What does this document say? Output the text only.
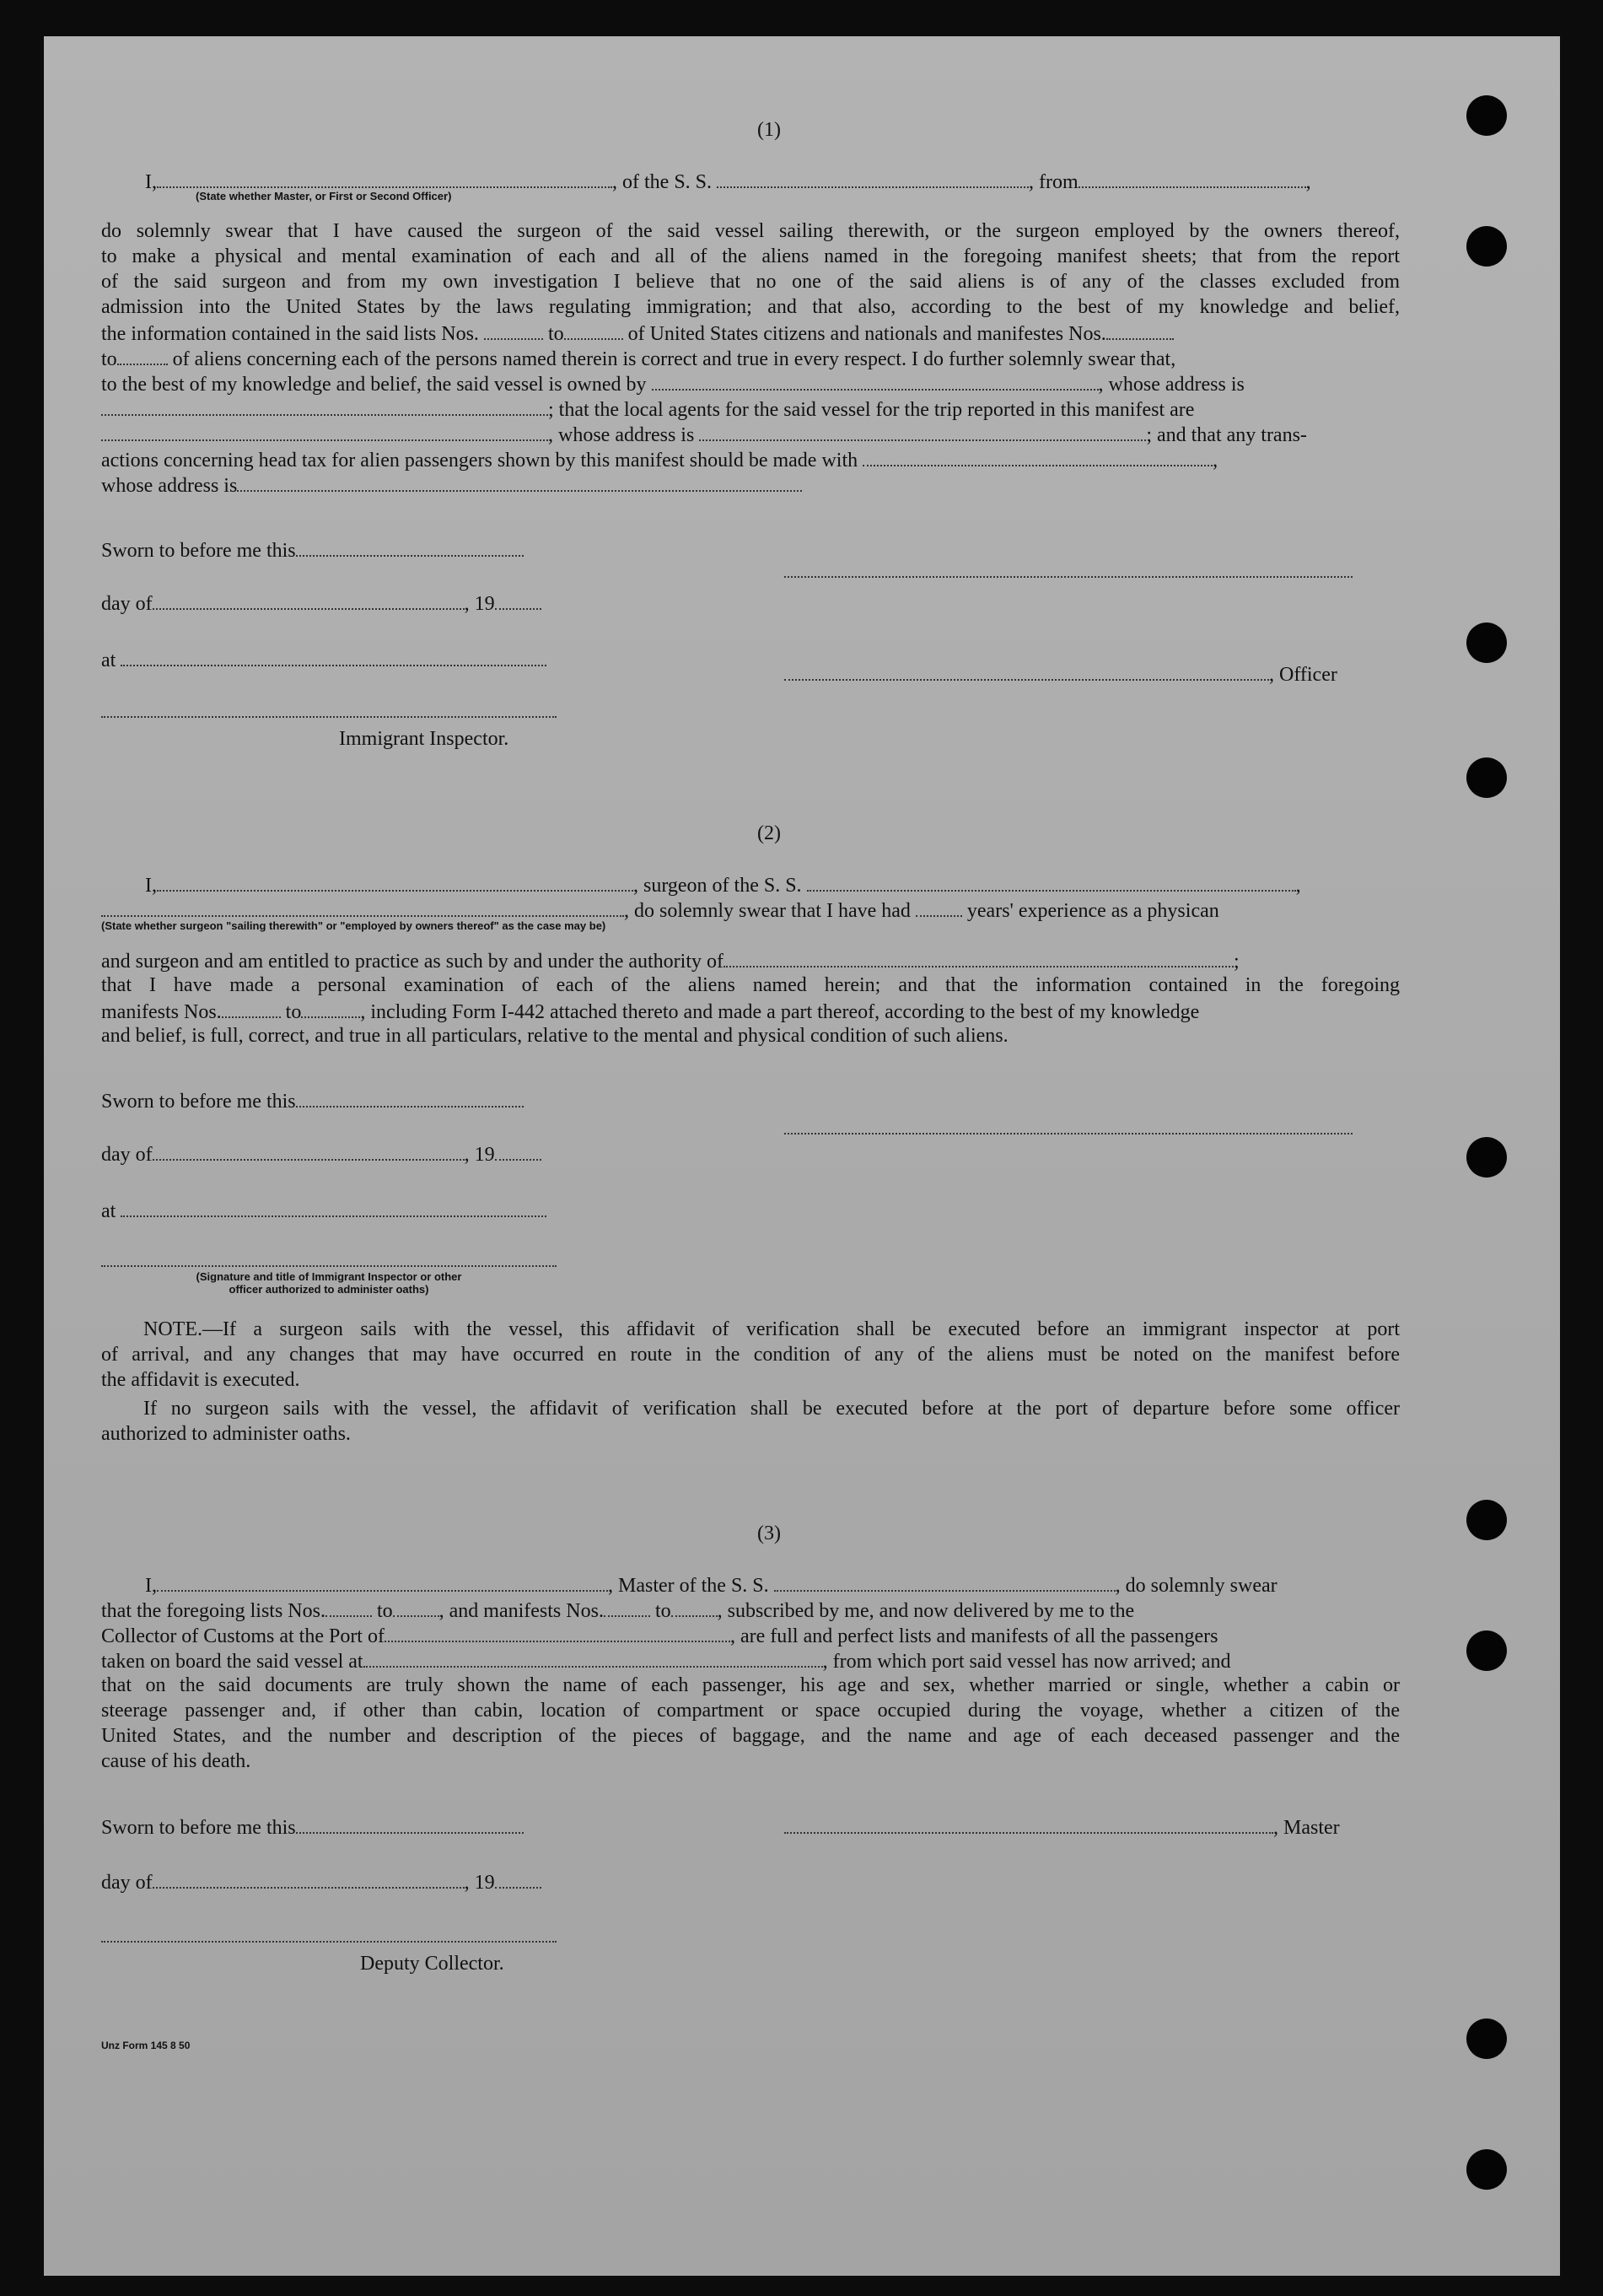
(1)
I,	, of the S. S.	, from	,
(State whether Master, or First or Second Officer)
do solemnly swear that I have caused the surgeon of the said vessel sailing therewith, or the surgeon employed by the owners thereof,
to make a physical and mental examination of each and all of the aliens named in the foregoing manifest sheets; that from the report
of the said surgeon and from my own investigation I believe that no one of the said aliens is of any of the classes excluded from
admission into the United States by the laws regulating immigration; and that also, according to the best of my knowledge and belief,
the information contained in the said lists Nos.	to	of United States citizens and nationals and manifestes Nos.
to	of aliens concerning each of the persons named therein is correct and true in every respect. I do further solemnly swear that,
to the best of my knowledge and belief, the said vessel is owned by	, whose address is
; that the local agents for the said vessel for the trip reported in this manifest are
, whose address is	; and that any trans-
actions concerning head tax for alien passengers shown by this manifest should be made with	,
whose address is
Sworn to before me this
day of	, 19
at
, Officer
Immigrant Inspector.
(2)
I,	, surgeon of the S. S.	,
, do solemnly swear that I have had	years' experience as a physican
(State whether surgeon "sailing therewith" or "employed by owners thereof" as the case may be)
and surgeon and am entitled to practice as such by and under the authority of	;
that I have made a personal examination of each of the aliens named herein; and that the information contained in the foregoing
manifests Nos.	to	, including Form I-442 attached thereto and made a part thereof, according to the best of my knowledge
and belief, is full, correct, and true in all particulars, relative to the mental and physical condition of such aliens.
Sworn to before me this
day of	, 19
at
(Signature and title of Immigrant Inspector or other
officer authorized to administer oaths)
NOTE.—If a surgeon sails with the vessel, this affidavit of verification shall be executed before an immigrant inspector at port
of arrival, and any changes that may have occurred en route in the condition of any of the aliens must be noted on the manifest before
the affidavit is executed.
If no surgeon sails with the vessel, the affidavit of verification shall be executed before at the port of departure before some officer
authorized to administer oaths.
(3)
I,	, Master of the S. S.	, do solemnly swear
that the foregoing lists Nos.	to , and manifests Nos.	to , subscribed by me, and now delivered by me to the
Collector of Customs at the Port of	, are full and perfect lists and manifests of all the passengers
taken on board the said vessel at	, from which port said vessel has now arrived; and
that on the said documents are truly shown the name of each passenger, his age and sex, whether married or single, whether a cabin or
steerage passenger and, if other than cabin, location of compartment or space occupied during the voyage, whether a citizen of the
United States, and the number and description of the pieces of baggage, and the name and age of each deceased passenger and the
cause of his death.
Sworn to before me this	, Master
day of	, 19
Deputy Collector.
Unz Form 145 8 50
